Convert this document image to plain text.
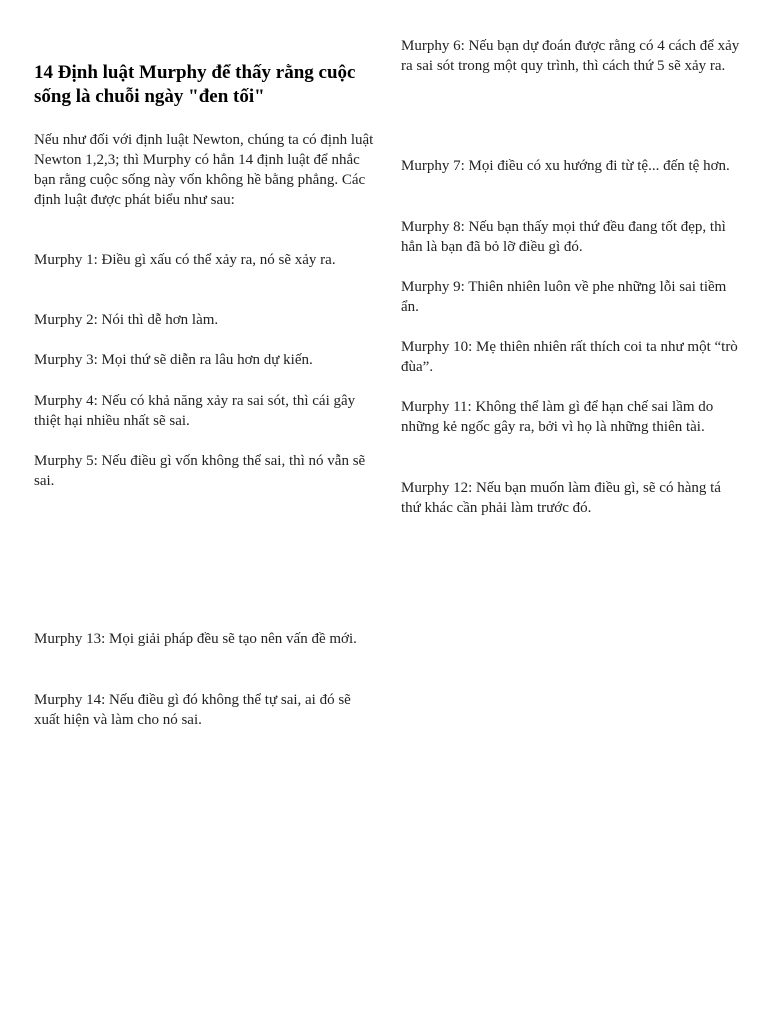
14 Định luật Murphy để thấy rằng cuộc sống là chuỗi ngày "đen tối"

Nếu như đối với định luật Newton, chúng ta có định luật Newton 1,2,3; thì Murphy có hẳn 14 định luật để nhắc bạn rằng cuộc sống này vốn không hề bằng phẳng. Các định luật được phát biểu như sau:

Murphy 1: Điều gì xấu có thể xảy ra, nó sẽ xảy ra.

Murphy 2: Nói thì dễ hơn làm.

Murphy 3: Mọi thứ sẽ diễn ra lâu hơn dự kiến.

Murphy 4: Nếu có khả năng xảy ra sai sót, thì cái gây thiệt hại nhiều nhất sẽ sai.

Murphy 5: Nếu điều gì vốn không thể sai, thì nó vẫn sẽ sai.

Murphy 13: Mọi giải pháp đều sẽ tạo nên vấn đề mới.

Murphy 14: Nếu điều gì đó không thể tự sai, ai đó sẽ xuất hiện và làm cho nó sai.

Murphy 6: Nếu bạn dự đoán được rằng có 4 cách để xảy ra sai sót trong một quy trình, thì cách thứ 5 sẽ xảy ra.

Murphy 7: Mọi điều có xu hướng đi từ tệ... đến tệ hơn.

Murphy 8: Nếu bạn thấy mọi thứ đều đang tốt đẹp, thì hẳn là bạn đã bỏ lỡ điều gì đó.

Murphy 9: Thiên nhiên luôn về phe những lỗi sai tiềm ẩn.

Murphy 10: Mẹ thiên nhiên rất thích coi ta như một “trò đùa”.

Murphy 11: Không thể làm gì để hạn chế sai lầm do những kẻ ngốc gây ra, bởi vì họ là những thiên tài.

Murphy 12: Nếu bạn muốn làm điều gì, sẽ có hàng tá thứ khác cần phải làm trước đó.
